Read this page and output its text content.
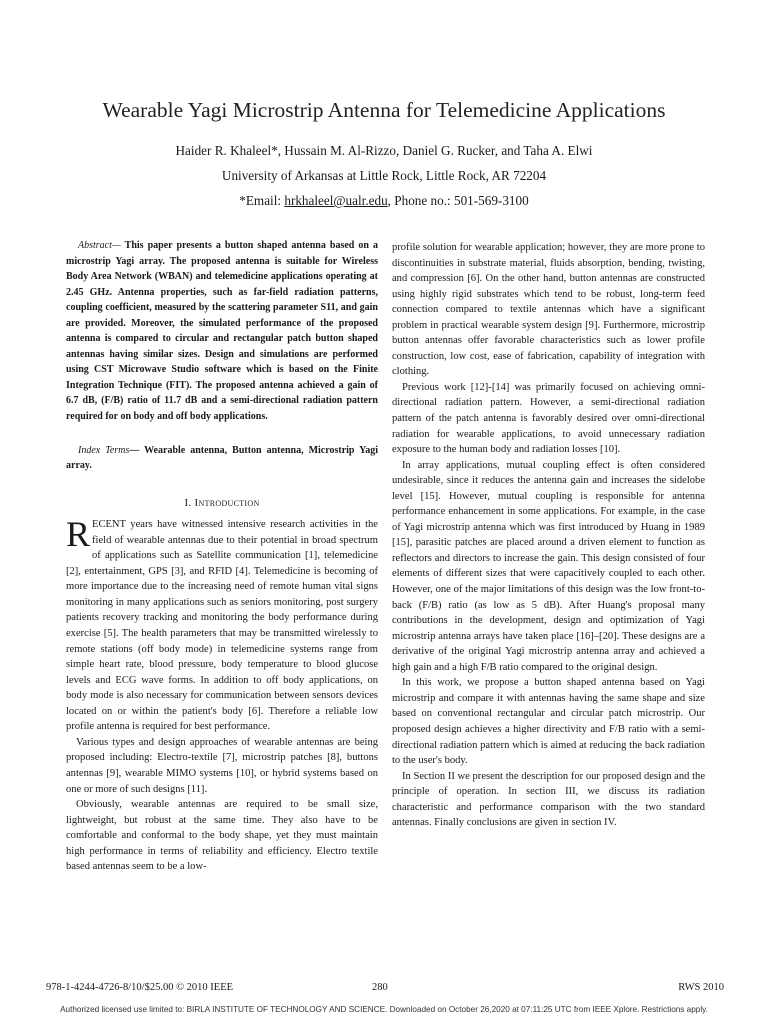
Wearable Yagi Microstrip Antenna for Telemedicine Applications
Haider R. Khaleel*, Hussain M. Al-Rizzo, Daniel G. Rucker, and Taha A. Elwi
University of Arkansas at Little Rock, Little Rock, AR 72204
*Email: hrkhaleel@ualr.edu, Phone no.: 501-569-3100

Abstract— This paper presents a button shaped antenna based on a microstrip Yagi array. The proposed antenna is suitable for Wireless Body Area Network (WBAN) and telemedicine applications operating at 2.45 GHz. Antenna properties, such as far-field radiation patterns, coupling coefficient, measured by the scattering parameter S11, and gain are provided. Moreover, the simulated performance of the proposed antenna is compared to circular and rectangular patch button shaped antennas having similar sizes. Design and simulations are performed using CST Microwave Studio software which is based on the Finite Integration Technique (FIT). The proposed antenna achieved a gain of 6.7 dB, (F/B) ratio of 11.7 dB and a semi-directional radiation pattern required for on body and off body applications.

Index Terms— Wearable antenna, Button antenna, Microstrip Yagi array.

I. Introduction

RECENT years have witnessed intensive research activities in the field of wearable antennas due to their potential in broad spectrum of applications such as Satellite communication [1], telemedicine [2], entertainment, GPS [3], and RFID [4]. Telemedicine is becoming of more importance due to the increasing need of remote human vital signs monitoring in many applications such as seniors monitoring, post surgery patients recovery tracking and monitoring the body performance during exercise [5]. The health parameters that may be transmitted wirelessly to remote stations (off body mode) in telemedicine systems range from simple heart rate, blood pressure, body temperature to blood glucose levels and ECG wave forms. In addition to off body applications, on body mode is also necessary for communication between sensors devices located on or within the patient's body [6]. Therefore a reliable low profile antenna is required for best performance.

Various types and design approaches of wearable antennas are being proposed including: Electro-textile [7], microstrip patches [8], buttons antennas [9], wearable MIMO systems [10], or hybrid systems based on one or more of such designs [11].

Obviously, wearable antennas are required to be small size, lightweight, but robust at the same time. They also have to be comfortable and conformal to the body shape, yet they must maintain high performance in terms of reliability and efficiency. Electro textile based antennas seem to be a low-

profile solution for wearable application; however, they are more prone to discontinuities in substrate material, fluids absorption, bending, twisting, and compression [6]. On the other hand, button antennas are constructed using highly rigid substrates which tend to be robust, long-term feed connection compared to textile antennas which have a significant problem in practical wearable system design [9]. Furthermore, microstrip button antennas offer favorable characteristics such as lower profile construction, low cost, ease of fabrication, capability of integration with clothing.

Previous work [12]-[14] was primarily focused on achieving omni-directional radiation pattern. However, a semi-directional radiation pattern of the patch antenna is favorably desired over omni-directional radiation for wearable applications, to avoid unnecessary radiation exposure to the human body and radiation losses [10].

In array applications, mutual coupling effect is often considered undesirable, since it reduces the antenna gain and increases the sidelobe level [15]. However, mutual coupling is responsible for antenna performance enhancement in some applications. For example, in the case of Yagi microstrip antenna which was first introduced by Huang in 1989 [15], parasitic patches are placed around a driven element to function as reflectors and directors to increase the gain. This design consisted of four elements of different sizes that were capacitively coupled to each other. However, one of the major limitations of this design was the low front-to-back (F/B) ratio (as low as 5 dB). After Huang's proposal many contributions in the development, design and optimization of Yagi microstrip antenna arrays have taken place [16]–[20]. These designs are a derivative of the original Yagi microstrip antenna array and achieved a high gain and a high F/B ratio compared to the original design.

In this work, we propose a button shaped antenna based on Yagi microstrip and compare it with antennas having the same shape and size based on conventional rectangular and circular patch microstrip. Our proposed design achieves a higher directivity and F/B ratio with a semi-directional radiation pattern which is aimed at reducing the back radiation to the user's body.

In Section II we present the description for our proposed design and the principle of operation. In section III, we discuss its radiation characteristic and performance comparison with the two standard antennas. Finally conclusions are given in section IV.

978-1-4244-4726-8/10/$25.00 © 2010 IEEE	280	RWS 2010
Authorized licensed use limited to: BIRLA INSTITUTE OF TECHNOLOGY AND SCIENCE. Downloaded on October 26,2020 at 07:11:25 UTC from IEEE Xplore. Restrictions apply.
